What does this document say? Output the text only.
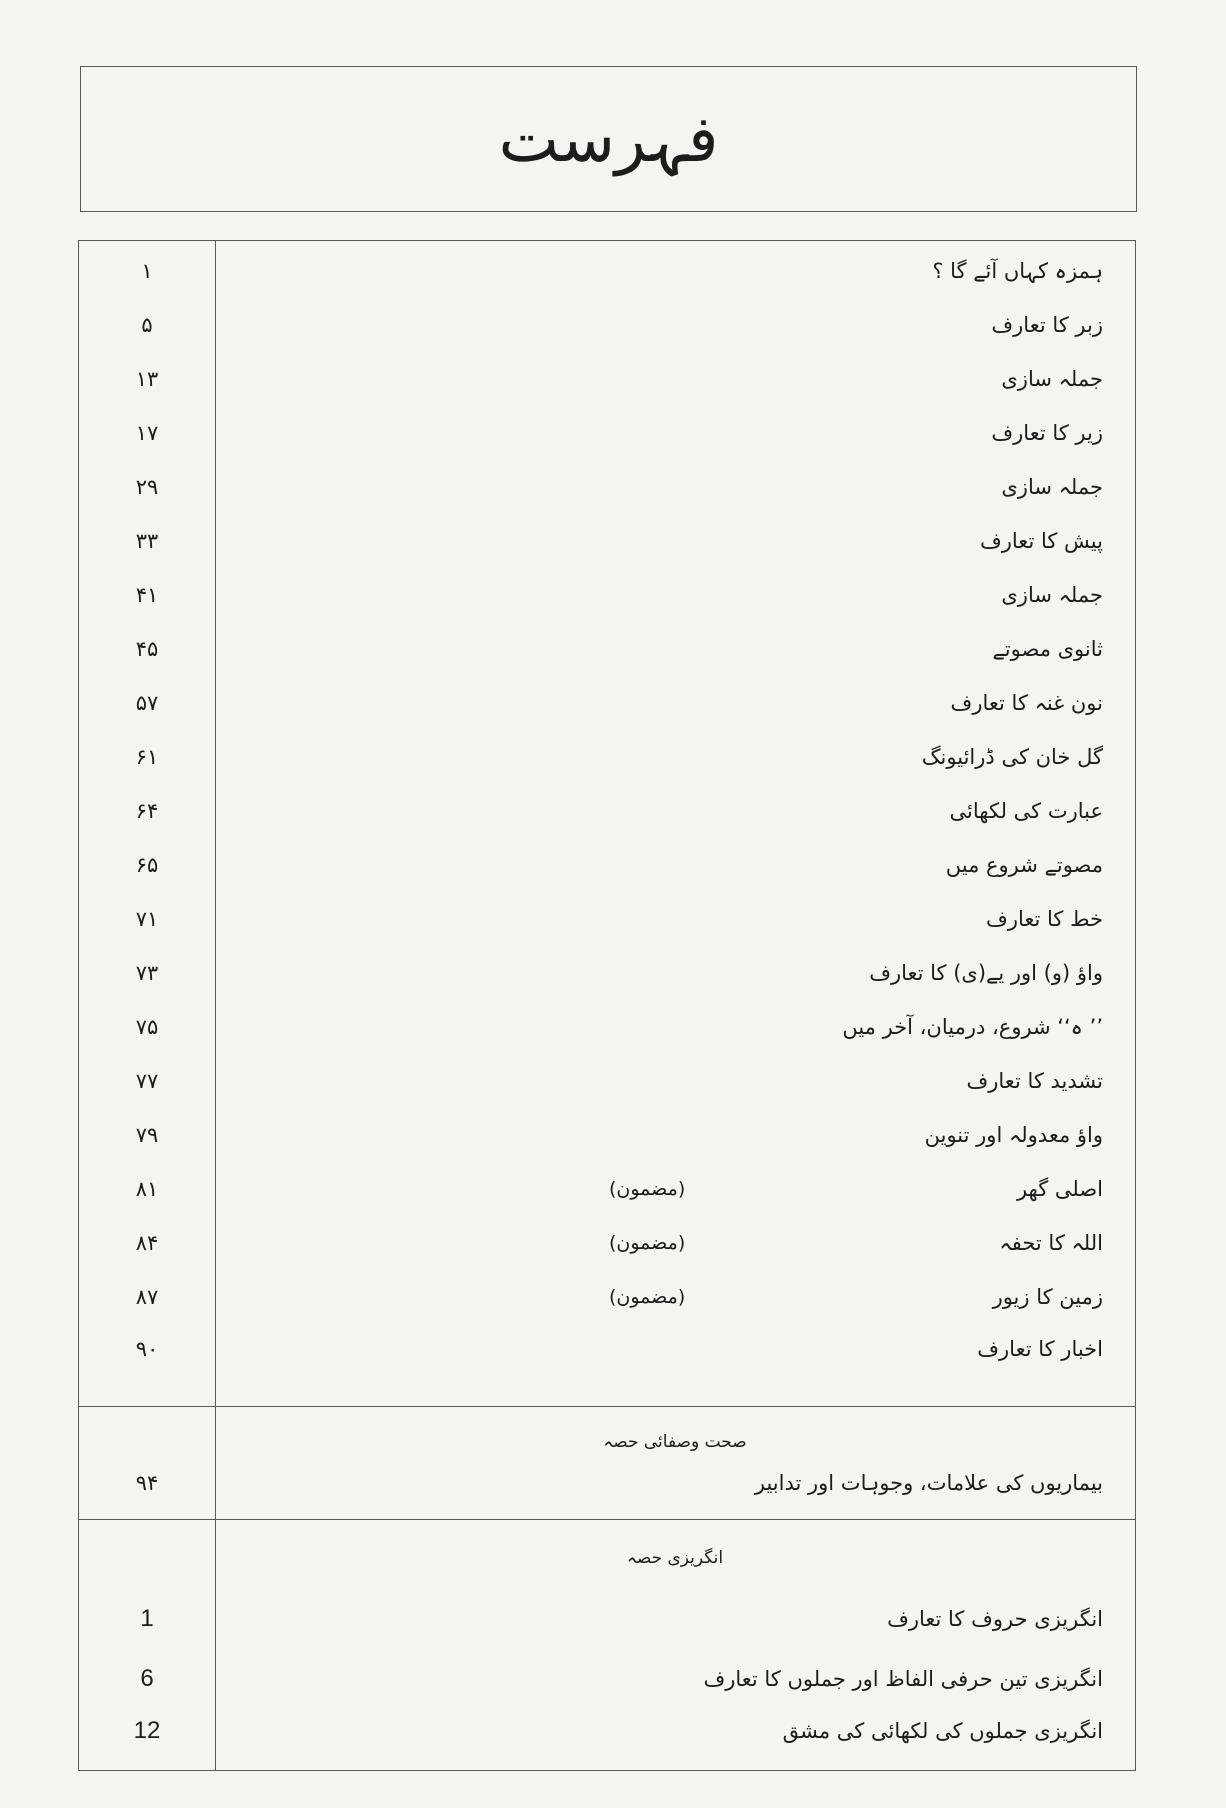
فہرست
ہمزہ کہاں آئے گا ؟
۱
زبر کا تعارف
۵
جملہ سازی
۱۳
زیر کا تعارف
۱۷
جملہ سازی
۲۹
پیش کا تعارف
۳۳
جملہ سازی
۴۱
ثانوی مصوتے
۴۵
نون غنہ کا تعارف
۵۷
گل خان کی ڈرائیونگ
۶۱
عبارت کی لکھائی
۶۴
مصوتے شروع میں
۶۵
خط کا تعارف
۷۱
واؤ (و) اور یے(ی) کا تعارف
۷۳
’’ ہ‘‘ شروع، درمیان، آخر میں
۷۵
تشدید کا تعارف
۷۷
واؤ معدولہ اور تنوین
۷۹
اصلی گھر
(مضمون)
۸۱
اللہ کا تحفہ
(مضمون)
۸۴
زمین کا زیور
(مضمون)
۸۷
اخبار کا تعارف
۹۰
صحت وصفائی حصہ
بیماریوں کی علامات، وجوہات اور تدابیر
۹۴
انگریزی حصہ
انگریزی حروف کا تعارف
1
انگریزی تین حرفی الفاظ اور جملوں کا تعارف
6
انگریزی جملوں کی لکھائی کی مشق
12
